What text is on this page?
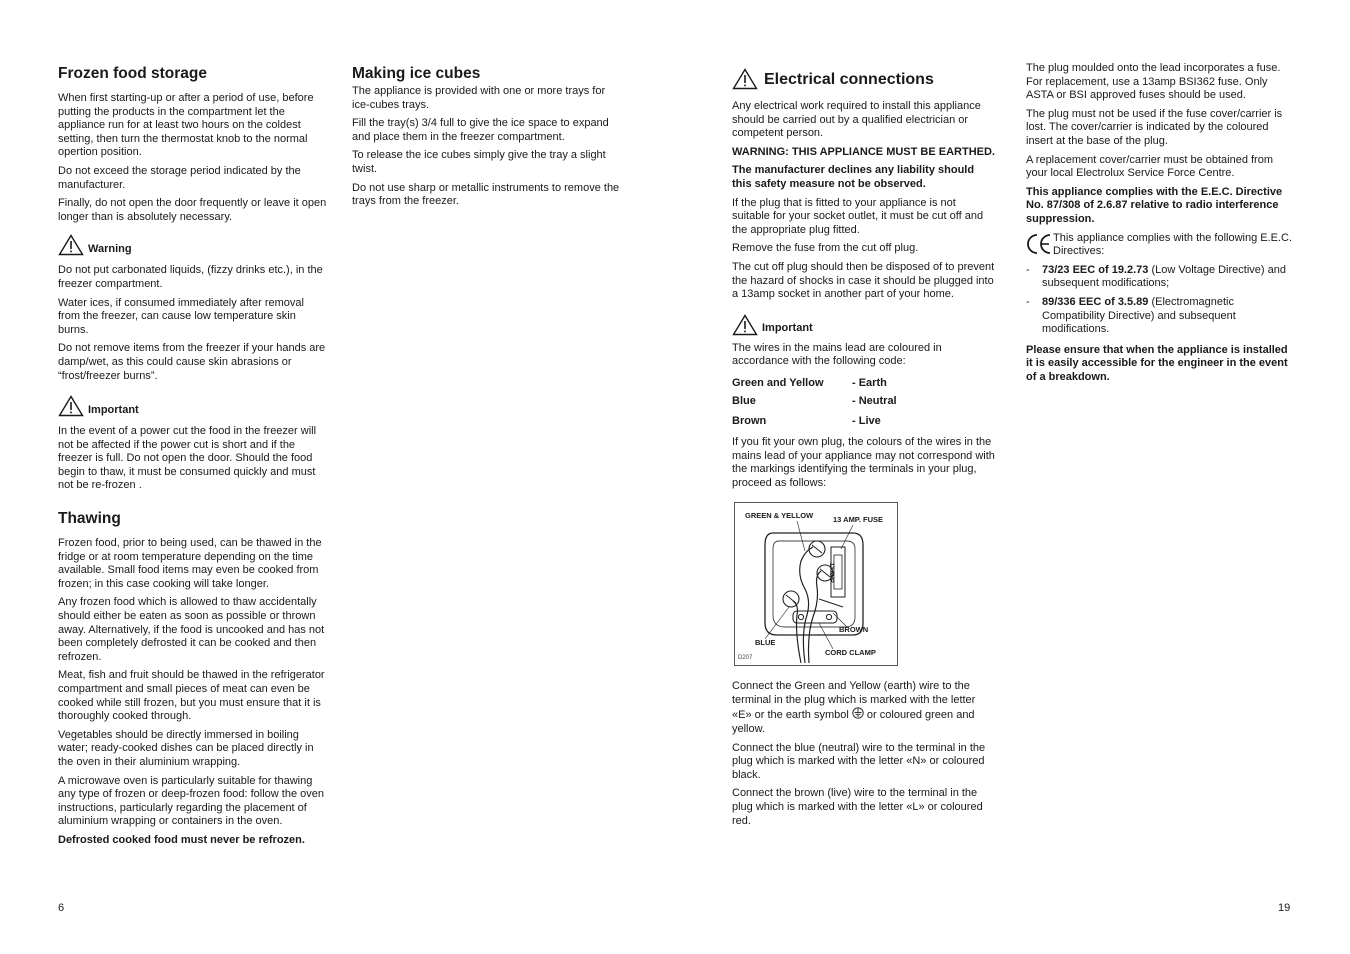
Frozen food storage

When first starting-up or after a period of use, before putting the products in the compartment let the appliance run for at least two hours on the coldest setting, then turn the thermostat knob to the normal opertion position.

Do not exceed the storage period indicated by the manufacturer.

Finally, do not open the door frequently or leave it open longer than is absolutely necessary.

Warning

Do not put carbonated liquids, (fizzy drinks etc.), in the freezer compartment.

Water ices, if consumed immediately after removal from the freezer, can cause low temperature skin burns.

Do not remove items from the freezer if your hands are damp/wet, as this could cause skin abrasions or “frost/freezer burns”.

Important

In the event of a power cut the food in the freezer will not be affected if the power cut is short and if the freezer is full. Do not open the door. Should the food begin to thaw, it must be consumed quickly and must not be re-frozen .

Thawing

Frozen food, prior to being used, can be thawed in the fridge or at room temperature depending on the time available. Small food items may even be cooked from frozen; in this case cooking will take longer.

Any frozen food which is allowed to thaw accidentally should either be eaten as soon as possible or thrown away. Alternatively, if the food is uncooked and has not been completely defrosted it can be cooked and then refrozen.

Meat, fish and fruit should be thawed in the refrigerator compartment and small pieces of meat can even be cooked while still frozen, but you must ensure that it is thoroughly cooked through.

Vegetables should be directly immersed in boiling water; ready-cooked dishes can be placed directly in the oven in their aluminium wrapping.

A microwave oven is particularly suitable for thawing any type of frozen or deep-frozen food: follow the oven instructions, particularly regarding the placement of aluminium wrapping or containers in the oven.

Defrosted cooked food must never be refrozen.

Making ice cubes

The appliance is provided with one or more trays for ice-cubes trays.

Fill the tray(s) 3/4 full to give the ice space to expand and place them in the freezer compartment.

To release the ice cubes simply give the tray a slight twist.

Do not use sharp or metallic instruments to remove the trays from the freezer.

Electrical connections

Any electrical work required to install this appliance should be carried out by a qualified electrician or competent person.

WARNING: THIS APPLIANCE MUST BE EARTHED.

The manufacturer declines any liability should this safety measure not be observed.

If the plug that is fitted to your appliance is not suitable for your socket outlet, it must be cut off and the appropriate plug fitted.

Remove the fuse from the cut off plug.

The cut off plug should then be disposed of to prevent the hazard of shocks in case it should be plugged into a 13amp socket in another part of your home.

Important

The wires in the mains lead are coloured in accordance with the following code:

Green and Yellow	- Earth
Blue	- Neutral
Brown	- Live

If you fit your own plug, the colours of the wires in the mains lead of your appliance may not correspond with the markings identifying the terminals in your plug, proceed as follows:

GREEN & YELLOW	13 AMP. FUSE
13 AMP
BROWN
BLUE
CORD CLAMP
D207

Connect the Green and Yellow (earth) wire to the terminal in the plug which is marked with the letter «E» or the earth symbol or coloured green and yellow.

Connect the blue (neutral) wire to the terminal in the plug which is marked with the letter «N» or coloured black.

Connect the brown (live) wire to the terminal in the plug which is marked with the letter «L» or coloured red.

The plug moulded onto the lead incorporates a fuse. For replacement, use a 13amp BSI362 fuse. Only ASTA or BSI approved fuses should be used.

The plug must not be used if the fuse cover/carrier is lost. The cover/carrier is indicated by the coloured insert at the base of the plug.

A replacement cover/carrier must be obtained from your local Electrolux Service Force Centre.

This appliance complies with the E.E.C. Directive No. 87/308 of 2.6.87 relative to radio interference suppression.

This appliance complies with the following E.E.C. Directives:
- 73/23 EEC of 19.2.73 (Low Voltage Directive) and subsequent modifications;
- 89/336 EEC of 3.5.89 (Electromagnetic Compatibility Directive) and subsequent modifications.

Please ensure that when the appliance is installed it is easily accessible for the engineer in the event of a breakdown.

6	19
